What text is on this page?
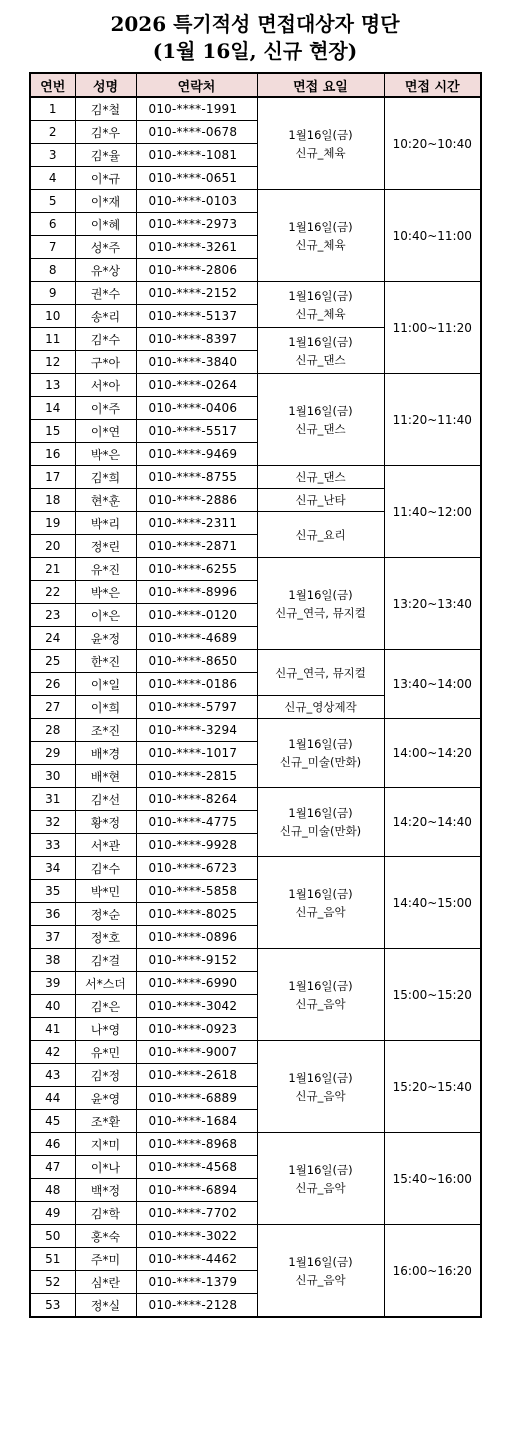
2026 특기적성 면접대상자 명단
(1월 16일, 신규 현장)
연번	성명	연락처	면접 요일	면접 시간
1	김*철	010-****-1991	1월16일(금)
신규_체육	10:20~10:40
2	김*우	010-****-0678		
3	김*율	010-****-1081		
4	이*규	010-****-0651		
5	이*재	010-****-0103	1월16일(금)
신규_체육	10:40~11:00
6	이*혜	010-****-2973		
7	성*주	010-****-3261		
8	유*상	010-****-2806		
9	권*수	010-****-2152	1월16일(금)
신규_체육	11:00~11:20
10	송*리	010-****-5137		
11	김*수	010-****-8397	1월16일(금)
신규_댄스	

12	구*아	010-****-3840		
13	서*아	010-****-0264	1월16일(금)
신규_댄스	11:20~11:40
14	이*주	010-****-0406		
15	이*연	010-****-5517		
16	박*은	010-****-9469		
17	김*희	010-****-8755	신규_댄스	11:40~12:00
18	현*훈	010-****-2886	신규_난타	

19	박*리	010-****-2311	신규_요리	

20	정*린	010-****-2871		
21	유*진	010-****-6255	1월16일(금)
신규_연극, 뮤지컬	13:20~13:40
22	박*은	010-****-8996		
23	이*은	010-****-0120		
24	윤*정	010-****-4689		
25	한*진	010-****-8650	신규_연극, 뮤지컬	13:40~14:00
26	이*일	010-****-0186		
27	이*희	010-****-5797	신규_영상제작	

28	조*진	010-****-3294	1월16일(금)
신규_미술(만화)	14:00~14:20
29	배*경	010-****-1017		
30	배*현	010-****-2815		
31	김*선	010-****-8264	1월16일(금)
신규_미술(만화)	14:20~14:40
32	황*정	010-****-4775		
33	서*관	010-****-9928		
34	김*수	010-****-6723	1월16일(금)
신규_음악	14:40~15:00
35	박*민	010-****-5858		
36	정*순	010-****-8025		
37	정*호	010-****-0896		
38	김*걸	010-****-9152	1월16일(금)
신규_음악	15:00~15:20
39	서*스더	010-****-6990		
40	김*은	010-****-3042		
41	나*영	010-****-0923		
42	유*민	010-****-9007	1월16일(금)
신규_음악	15:20~15:40
43	김*정	010-****-2618		
44	윤*영	010-****-6889		
45	조*환	010-****-1684		
46	지*미	010-****-8968	1월16일(금)
신규_음악	15:40~16:00
47	이*나	010-****-4568		
48	백*정	010-****-6894		
49	김*학	010-****-7702		
50	홍*숙	010-****-3022	1월16일(금)
신규_음악	16:00~16:20
51	주*미	010-****-4462		
52	심*란	010-****-1379		
53	정*실	010-****-2128		
